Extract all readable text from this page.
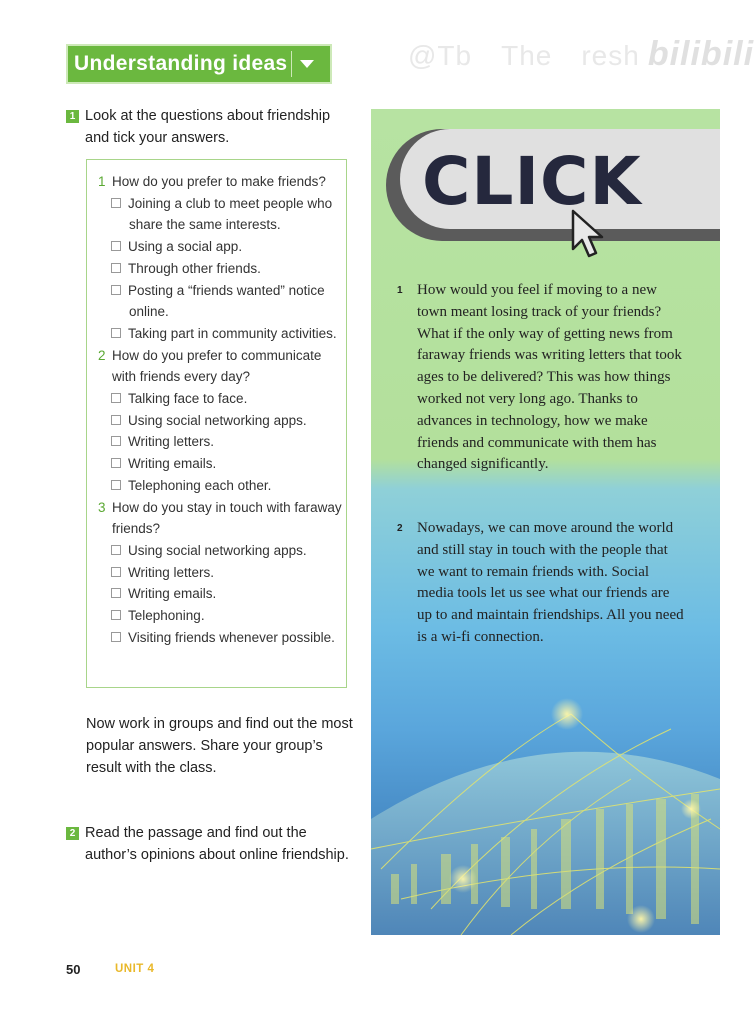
Understanding ideas	@Tb　The　resh bilibili
1 Look at the questions about friendship and tick your answers.
1 How do you prefer to make friends?
Joining a club to meet people who share the same interests.
Using a social app.
Through other friends.
Posting a “friends wanted” notice online.
Taking part in community activities.
2 How do you prefer to communicate with friends every day?
Talking face to face.
Using social networking apps.
Writing letters.
Writing emails.
Telephoning each other.
3 How do you stay in touch with faraway friends?
Using social networking apps.
Writing letters.
Writing emails.
Telephoning.
Visiting friends whenever possible.
Now work in groups and find out the most popular answers. Share your group’s result with the class.
2 Read the passage and find out the author’s opinions about online friendship.
CLICK
1 How would you feel if moving to a new town meant losing track of your friends? What if the only way of getting news from faraway friends was writing letters that took ages to be delivered? This was how things worked not very long ago. Thanks to advances in technology, how we make friends and communicate with them has changed significantly.
2 Nowadays, we can move around the world and still stay in touch with the people that we want to remain friends with. Social media tools let us see what our friends are up to and maintain friendships. All you need is a wi-fi connection.
50	UNIT 4
